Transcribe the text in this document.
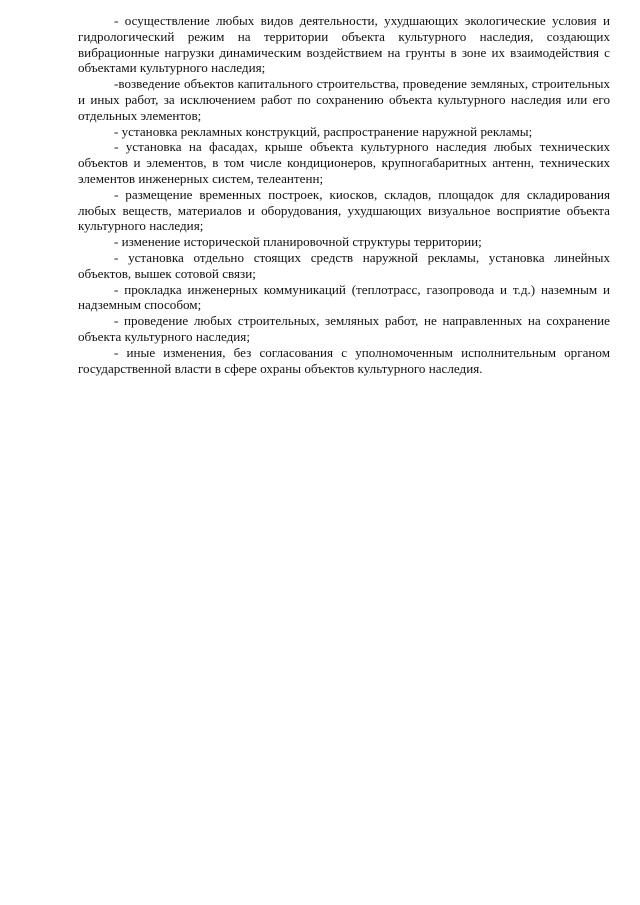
- осуществление любых видов деятельности, ухудшающих экологические условия и гидрологический режим на территории объекта культурного наследия, создающих вибрационные нагрузки динамическим воздействием на грунты в зоне их взаимодействия с объектами культурного наследия;

-возведение объектов капитального строительства, проведение земляных, строительных и иных работ, за исключением работ по сохранению объекта культурного наследия или его отдельных элементов;

- установка рекламных конструкций, распространение наружной рекламы;

- установка на фасадах, крыше объекта культурного наследия любых технических объектов и элементов, в том числе кондиционеров, крупногабаритных антенн, технических элементов инженерных систем, телеантенн;

- размещение временных построек, киосков, складов, площадок для складирования любых веществ, материалов и оборудования, ухудшающих визуальное восприятие объекта культурного наследия;

- изменение исторической планировочной структуры территории;

- установка отдельно стоящих средств наружной рекламы, установка линейных объектов, вышек сотовой связи;

- прокладка инженерных коммуникаций (теплотрасс, газопровода и т.д.) наземным и надземным способом;

- проведение любых строительных, земляных работ, не направленных на сохранение объекта культурного наследия;

- иные изменения, без согласования с уполномоченным исполнительным органом государственной власти в сфере охраны объектов культурного наследия.
